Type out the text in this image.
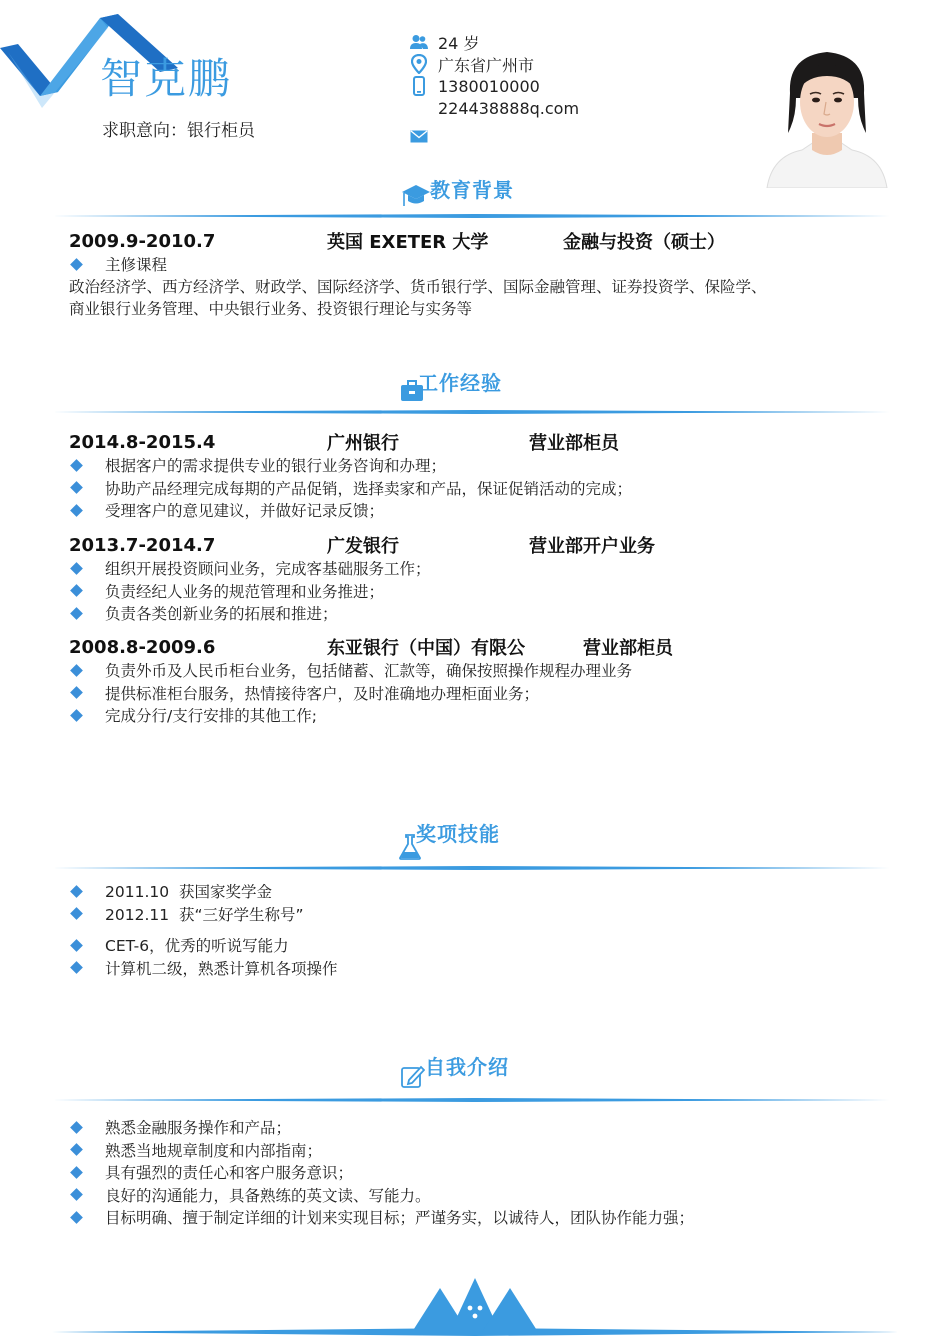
智克鹏
求职意向：银行柜员
24 岁
广东省广州市
1380010000
224438888q.com
教育背景
2009.9-2010.7	英国 EXETER 大学	金融与投资（硕士）
主修课程
政治经济学、西方经济学、财政学、国际经济学、货币银行学、国际金融管理、证券投资学、保险学、
商业银行业务管理、中央银行业务、投资银行理论与实务等
工作经验
2014.8-2015.4	广州银行	营业部柜员
根据客户的需求提供专业的银行业务咨询和办理；
协助产品经理完成每期的产品促销，选择卖家和产品，保证促销活动的完成；
受理客户的意见建议，并做好记录反馈；
2013.7-2014.7	广发银行	营业部开户业务
组织开展投资顾问业务，完成客基础服务工作；
负责经纪人业务的规范管理和业务推进；
负责各类创新业务的拓展和推进；
2008.8-2009.6	东亚银行（中国）有限公	营业部柜员
负责外币及人民币柜台业务，包括储蓄、汇款等，确保按照操作规程办理业务
提供标准柜台服务，热情接待客户，及时准确地办理柜面业务；
完成分行/支行安排的其他工作;
奖项技能
2011.10  获国家奖学金
2012.11  获“三好学生称号”
CET-6，优秀的听说写能力
计算机二级，熟悉计算机各项操作
自我介绍
熟悉金融服务操作和产品；
熟悉当地规章制度和内部指南；
具有强烈的责任心和客户服务意识；
良好的沟通能力，具备熟练的英文读、写能力。
目标明确、擅于制定详细的计划来实现目标；严谨务实，以诚待人，团队协作能力强；
